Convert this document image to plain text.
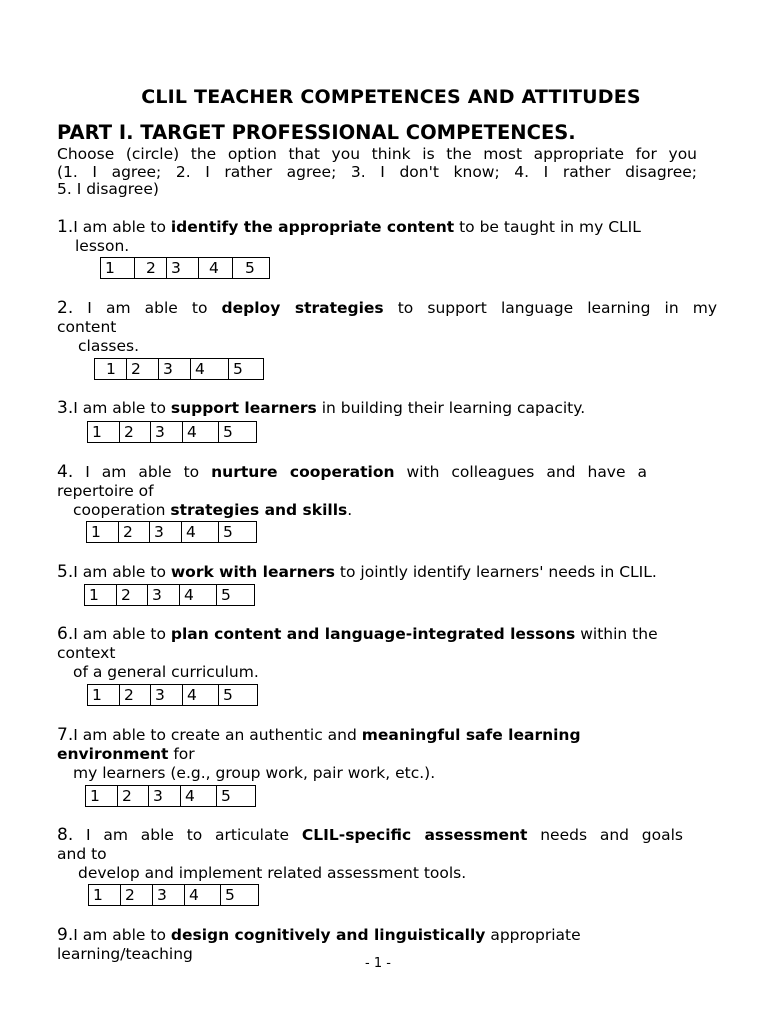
CLIL TEACHER COMPETENCES AND ATTITUDES
PART I. TARGET PROFESSIONAL COMPETENCES.
Choose (circle) the option that you think is the most appropriate for you
(1. I agree; 2. I rather agree; 3. I don't know; 4. I rather disagree;
5. I disagree)
1.I am able to identify the appropriate content to be taught in my CLIL
lesson.
1	2 3	4	5
2. I am able to deploy strategies to support language learning in my
content
classes.
1 2	3	4	5
3.I am able to support learners in building their learning capacity.
1	2	3	4	5
4. I am able to nurture cooperation with colleagues and have a
repertoire of
cooperation strategies and skills.
1	2	3	4	5
5.I am able to work with learners to jointly identify learners' needs in CLIL.
1	2	3	4	5
6.I am able to plan content and language-integrated lessons within the
context
of a general curriculum.
1	2	3	4	5
7.I am able to create an authentic and meaningful safe learning
environment for
my learners (e.g., group work, pair work, etc.).
1	2	3	4	5
8. I am able to articulate CLIL-specific assessment needs and goals
and to
develop and implement related assessment tools.
1	2	3	4	5
9.I am able to design cognitively and linguistically appropriate
learning/teaching
- 1 -
